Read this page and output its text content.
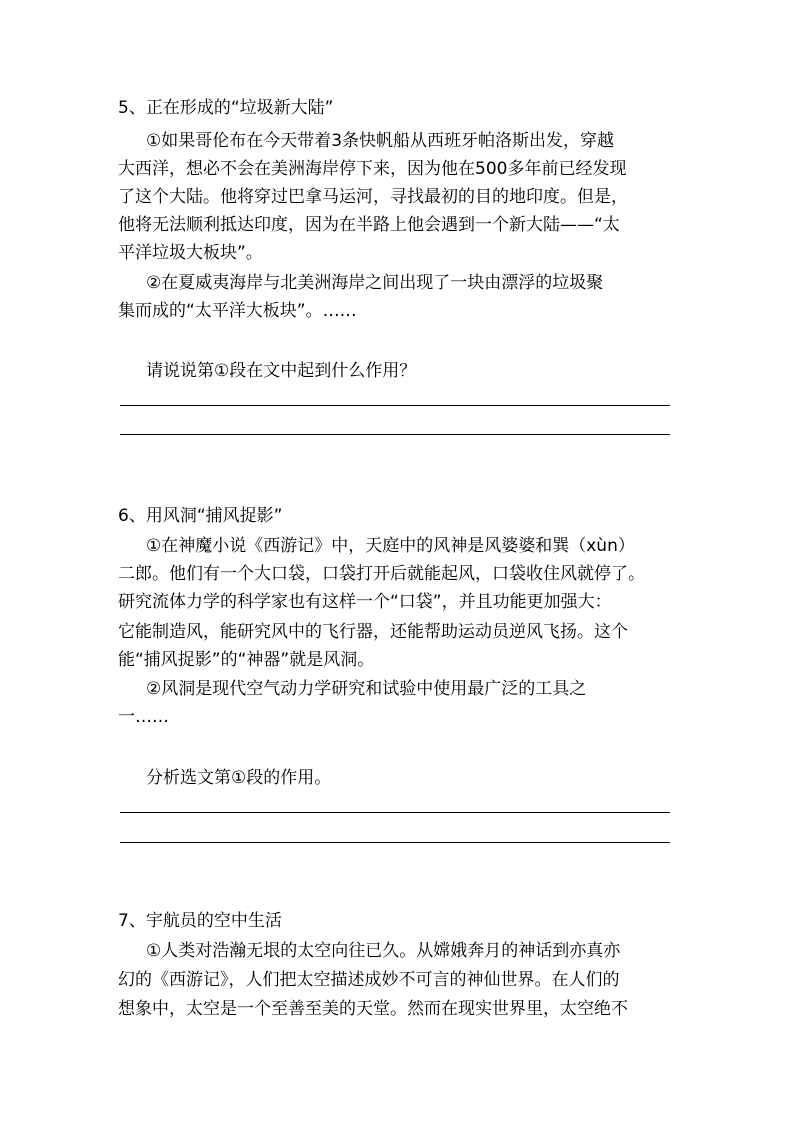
5、正在形成的“垃圾新大陆”
①如果哥伦布在今天带着3条快帆船从西班牙帕洛斯出发，穿越
大西洋，想必不会在美洲海岸停下来，因为他在500多年前已经发现
了这个大陆。他将穿过巴拿马运河，寻找最初的目的地印度。但是，
他将无法顺利抵达印度，因为在半路上他会遇到一个新大陆——“太
平洋垃圾大板块”。
②在夏威夷海岸与北美洲海岸之间出现了一块由漂浮的垃圾聚
集而成的“太平洋大板块”。……
请说说第①段在文中起到什么作用？
6、用风洞“捕风捉影”
①在神魔小说《西游记》中，天庭中的风神是风婆婆和巽（xùn）
二郎。他们有一个大口袋，口袋打开后就能起风，口袋收住风就停了。
研究流体力学的科学家也有这样一个“口袋”，并且功能更加强大：
它能制造风，能研究风中的飞行器，还能帮助运动员逆风飞扬。这个
能“捕风捉影”的“神器”就是风洞。
②风洞是现代空气动力学研究和试验中使用最广泛的工具之
一……
分析选文第①段的作用。
7、宇航员的空中生活
①人类对浩瀚无垠的太空向往已久。从嫦娥奔月的神话到亦真亦
幻的《西游记》，人们把太空描述成妙不可言的神仙世界。在人们的
想象中，太空是一个至善至美的天堂。然而在现实世界里，太空绝不
